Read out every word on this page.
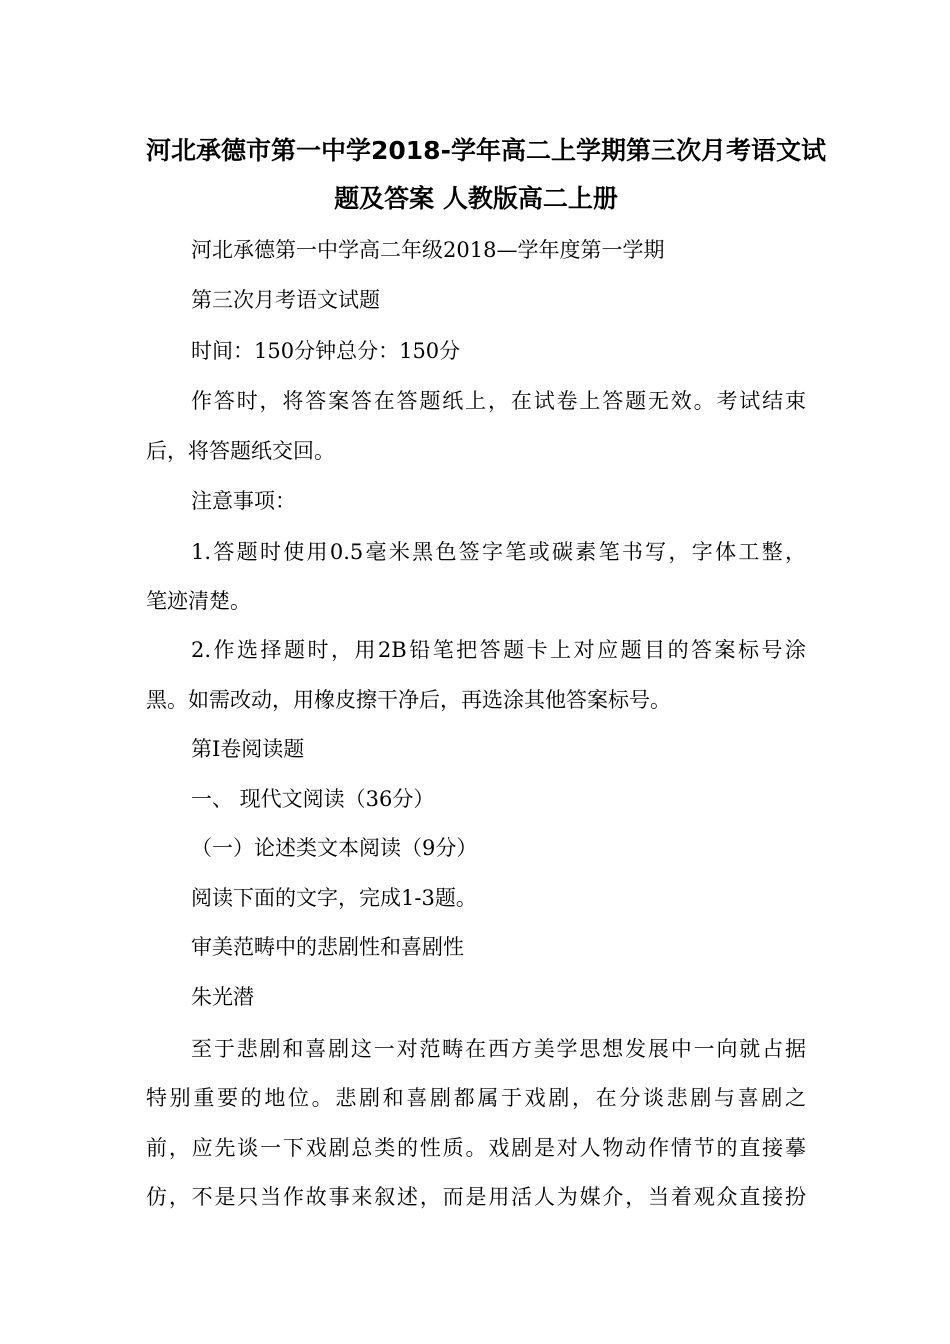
河北承德市第一中学2018-学年高二上学期第三次月考语文试
题及答案 人教版高二上册
河北承德第一中学高二年级2018—学年度第一学期
第三次月考语文试题
时间：150分钟总分：150分
作答时，将答案答在答题纸上，在试卷上答题无效。考试结束
后，将答题纸交回。
注意事项：
1.答题时使用0.5毫米黑色签字笔或碳素笔书写，字体工整，
笔迹清楚。
2.作选择题时，用2B铅笔把答题卡上对应题目的答案标号涂
黑。如需改动，用橡皮擦干净后，再选涂其他答案标号。
第I卷阅读题
一、 现代文阅读（36分）
（一）论述类文本阅读（9分）
阅读下面的文字，完成1-3题。
审美范畴中的悲剧性和喜剧性
朱光潜
至于悲剧和喜剧这一对范畴在西方美学思想发展中一向就占据
特别重要的地位。悲剧和喜剧都属于戏剧，在分谈悲剧与喜剧之
前，应先谈一下戏剧总类的性质。戏剧是对人物动作情节的直接摹
仿，不是只当作故事来叙述，而是用活人为媒介，当着观众直接扮
